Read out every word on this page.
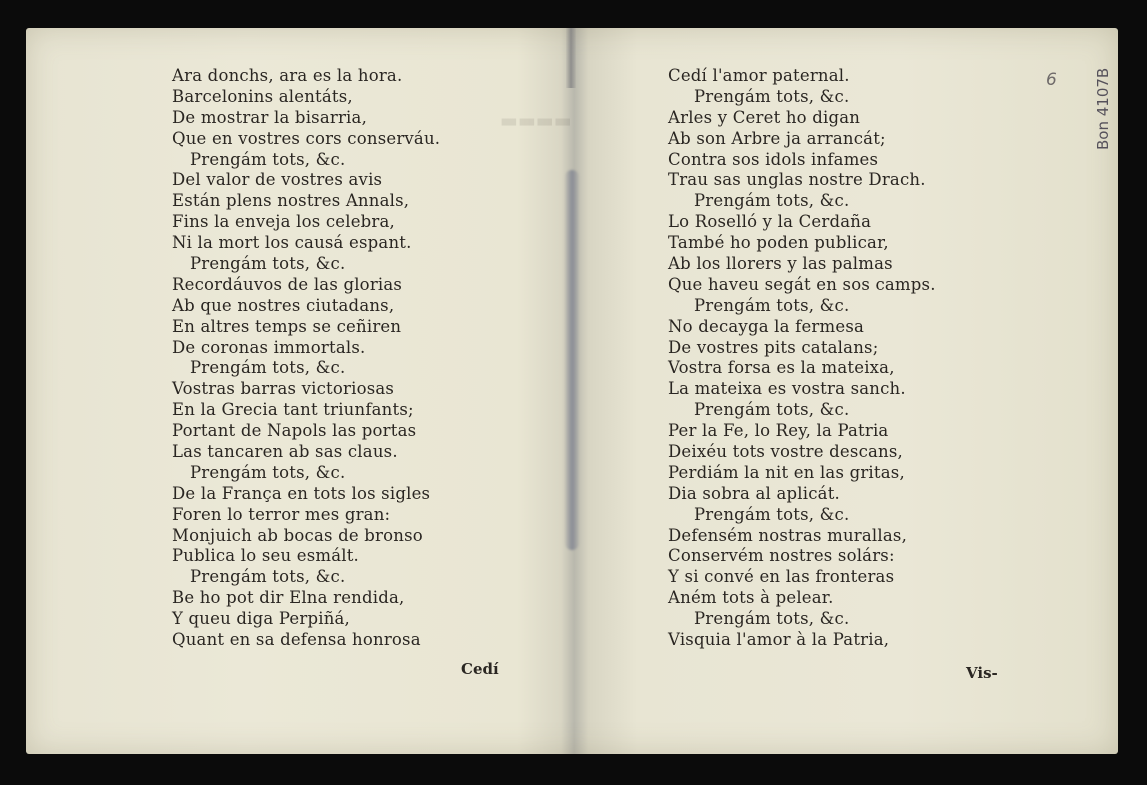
▬▬▬▬
Ara donchs, ara es la hora.
Barcelonins alentáts,
De mostrar la bisarria,
Que en vostres cors conserváu.
Prengám tots, &c.
Del valor de vostres avis
Están plens nostres Annals,
Fins la enveja los celebra,
Ni la mort los causá espant.
Prengám tots, &c.
Recordáuvos de las glorias
Ab que nostres ciutadans,
En altres temps se ceñiren
De coronas immortals.
Prengám tots, &c.
Vostras barras victoriosas
En la Grecia tant triunfants;
Portant de Napols las portas
Las tancaren ab sas claus.
Prengám tots, &c.
De la França en tots los sigles
Foren lo terror mes gran:
Monjuich ab bocas de bronso
Publica lo seu esmált.
Prengám tots, &c.
Be ho pot dir Elna rendida,
Y queu diga Perpiñá,
Quant en sa defensa honrosa
Cedí
Cedí l'amor paternal.
Prengám tots, &c.
Arles y Ceret ho digan
Ab son Arbre ja arrancát;
Contra sos idols infames
Trau sas unglas nostre Drach.
Prengám tots, &c.
Lo Roselló y la Cerdaña
També ho poden publicar,
Ab los llorers y las palmas
Que haveu segát en sos camps.
Prengám tots, &c.
No decayga la fermesa
De vostres pits catalans;
Vostra forsa es la mateixa,
La mateixa es vostra sanch.
Prengám tots, &c.
Per la Fe, lo Rey, la Patria
Deixéu tots vostre descans,
Perdiám la nit en las gritas,
Dia sobra al aplicát.
Prengám tots, &c.
Defensém nostras murallas,
Conservém nostres solárs:
Y si convé en las fronteras
Aném tots à pelear.
Prengám tots, &c.
Visquia l'amor à la Patria,
Vis-
6
